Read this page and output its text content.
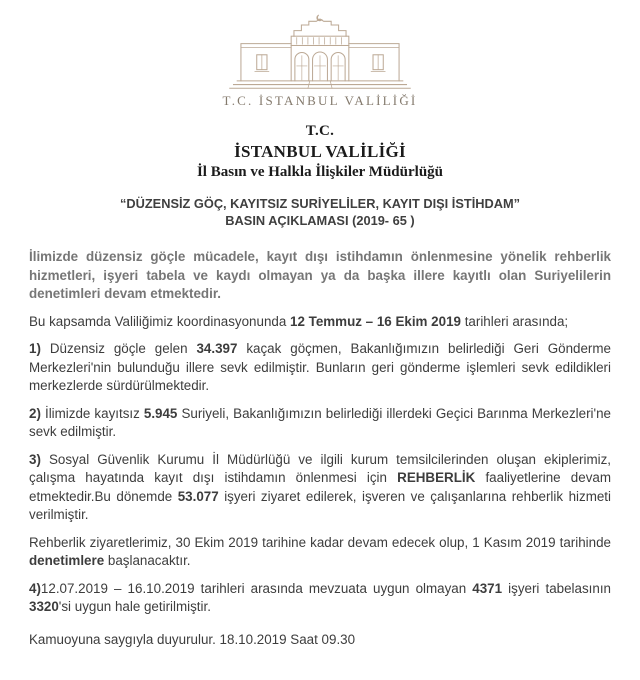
T.C. İSTANBUL VALİLİĞİ
T.C.
İSTANBUL VALİLİĞİ
İl Basın ve Halkla İlişkiler Müdürlüğü
“DÜZENSİZ GÖÇ, KAYITSIZ SURİYELİLER, KAYIT DIŞI İSTİHDAM”
BASIN AÇIKLAMASI (2019- 65 )

İlimizde düzensiz göçle mücadele, kayıt dışı istihdamın önlenmesine yönelik rehberlik hizmetleri, işyeri tabela ve kaydı olmayan ya da başka illere kayıtlı olan Suriyelilerin denetimleri devam etmektedir.

Bu kapsamda Valiliğimiz koordinasyonunda 12 Temmuz – 16 Ekim 2019 tarihleri arasında;

1) Düzensiz göçle gelen 34.397 kaçak göçmen, Bakanlığımızın belirlediği Geri Gönderme Merkezleri'nin bulunduğu illere sevk edilmiştir. Bunların geri gönderme işlemleri sevk edildikleri merkezlerde sürdürülmektedir.

2) İlimizde kayıtsız 5.945 Suriyeli, Bakanlığımızın belirlediği illerdeki Geçici Barınma Merkezleri'ne sevk edilmiştir.

3) Sosyal Güvenlik Kurumu İl Müdürlüğü ve ilgili kurum temsilcilerinden oluşan ekiplerimiz, çalışma hayatında kayıt dışı istihdamın önlenmesi için REHBERLİK faaliyetlerine devam etmektedir.Bu dönemde 53.077 işyeri ziyaret edilerek, işveren ve çalışanlarına rehberlik hizmeti verilmiştir.

Rehberlik ziyaretlerimiz, 30 Ekim 2019 tarihine kadar devam edecek olup, 1 Kasım 2019 tarihinde denetimlere başlanacaktır.

4)12.07.2019 – 16.10.2019 tarihleri arasında mevzuata uygun olmayan 4371 işyeri tabelasının 3320'si uygun hale getirilmiştir.

Kamuoyuna saygıyla duyurulur. 18.10.2019 Saat 09.30
